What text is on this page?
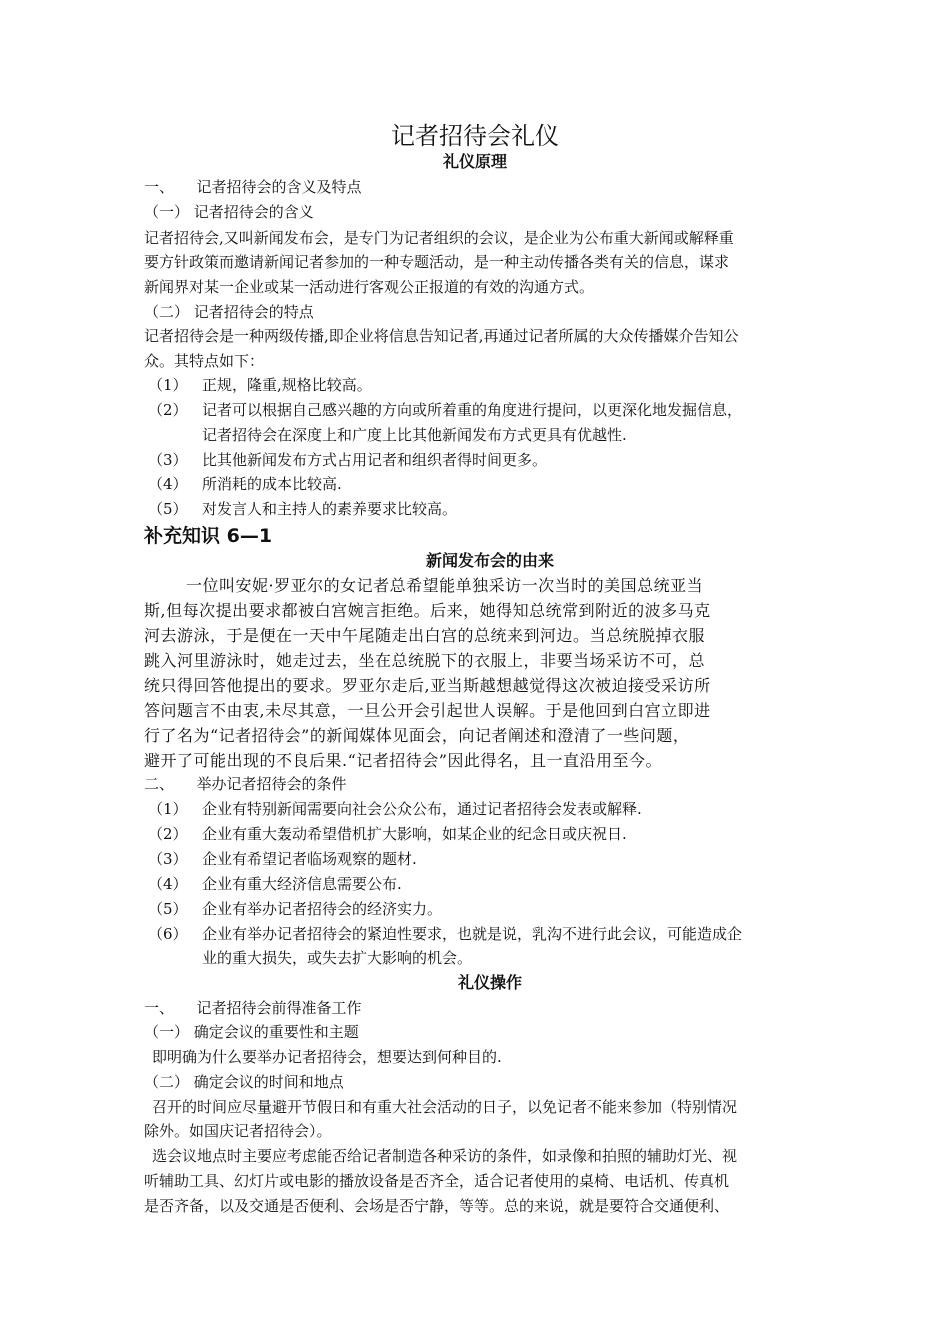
记者招待会礼仪
礼仪原理
一、　　记者招待会的含义及特点
（一） 记者招待会的含义
记者招待会,又叫新闻发布会，是专门为记者组织的会议，是企业为公布重大新闻或解释重
要方针政策而邀请新闻记者参加的一种专题活动，是一种主动传播各类有关的信息，谋求
新闻界对某一企业或某一活动进行客观公正报道的有效的沟通方式。
（二） 记者招待会的特点
记者招待会是一种两级传播,即企业将信息告知记者,再通过记者所属的大众传播媒介告知公
众。其特点如下：
（1） 正规，隆重,规格比较高。
（2） 记者可以根据自己感兴趣的方向或所着重的角度进行提问，以更深化地发掘信息，
记者招待会在深度上和广度上比其他新闻发布方式更具有优越性.
（3） 比其他新闻发布方式占用记者和组织者得时间更多。
（4） 所消耗的成本比较高.
（5） 对发言人和主持人的素养要求比较高。
补充知识 6—1
新闻发布会的由来
一位叫安妮·罗亚尔的女记者总希望能单独采访一次当时的美国总统亚当
斯,但每次提出要求都被白宫婉言拒绝。后来，她得知总统常到附近的波多马克
河去游泳，于是便在一天中午尾随走出白宫的总统来到河边。当总统脱掉衣服
跳入河里游泳时，她走过去，坐在总统脱下的衣服上，非要当场采访不可，总
统只得回答他提出的要求。罗亚尔走后,亚当斯越想越觉得这次被迫接受采访所
答问题言不由衷,未尽其意，一旦公开会引起世人误解。于是他回到白宫立即进
行了名为“记者招待会”的新闻媒体见面会，向记者阐述和澄清了一些问题，
避开了可能出现的不良后果.“记者招待会”因此得名，且一直沿用至今。
二、　　举办记者招待会的条件
（1） 企业有特别新闻需要向社会公众公布，通过记者招待会发表或解释.
（2） 企业有重大轰动希望借机扩大影响，如某企业的纪念日或庆祝日.
（3） 企业有希望记者临场观察的题材.
（4） 企业有重大经济信息需要公布.
（5） 企业有举办记者招待会的经济实力。
（6） 企业有举办记者招待会的紧迫性要求，也就是说，乳沟不进行此会议，可能造成企
业的重大损失，或失去扩大影响的机会。
礼仪操作
一、　　记者招待会前得准备工作
（一） 确定会议的重要性和主题
即明确为什么要举办记者招待会，想要达到何种目的.
（二） 确定会议的时间和地点
召开的时间应尽量避开节假日和有重大社会活动的日子，以免记者不能来参加（特别情况
除外。如国庆记者招待会）。
选会议地点时主要应考虑能否给记者制造各种采访的条件，如录像和拍照的辅助灯光、视
听辅助工具、幻灯片或电影的播放设备是否齐全，适合记者使用的桌椅、电话机、传真机
是否齐备，以及交通是否便利、会场是否宁静，等等。总的来说，就是要符合交通便利、
